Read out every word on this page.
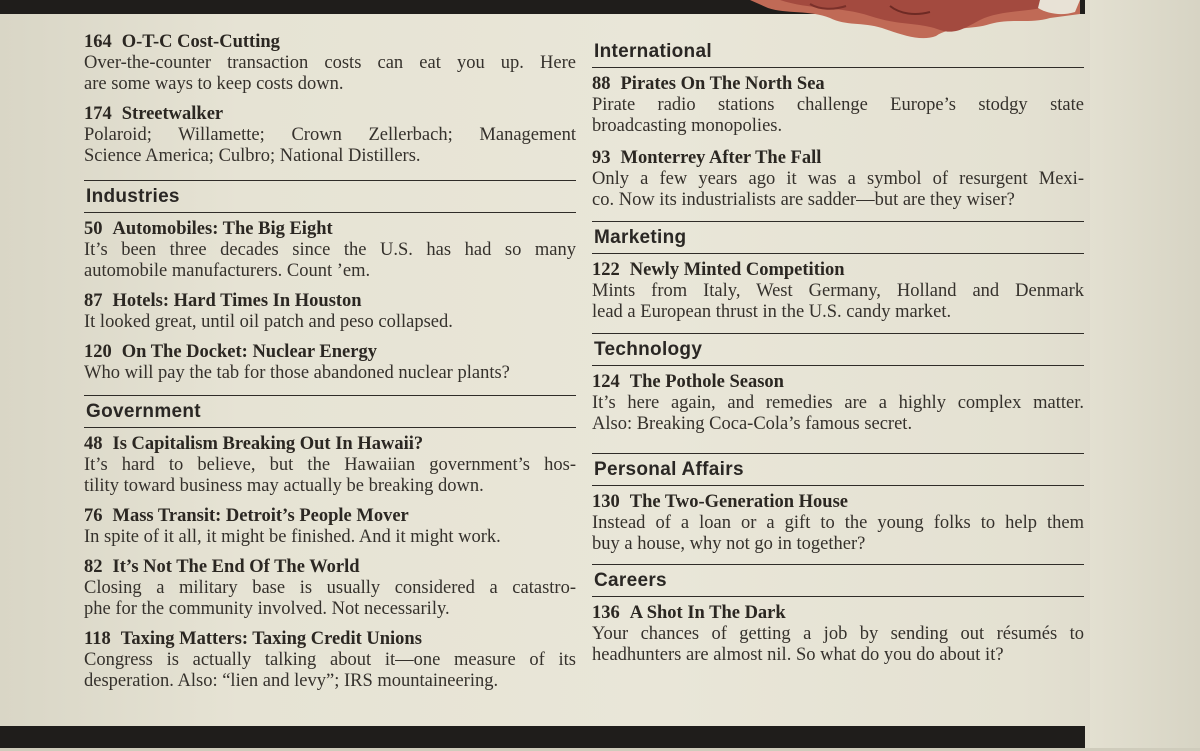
164 O-T-C Cost-Cutting
Over-the-counter transaction costs can eat you up. Here
are some ways to keep costs down.
174 Streetwalker
Polaroid; Willamette; Crown Zellerbach; Management
Science America; Culbro; National Distillers.
Industries
50 Automobiles: The Big Eight
It’s been three decades since the U.S. has had so many
automobile manufacturers. Count ’em.
87 Hotels: Hard Times In Houston
It looked great, until oil patch and peso collapsed.
120 On The Docket: Nuclear Energy
Who will pay the tab for those abandoned nuclear plants?
Government
48 Is Capitalism Breaking Out In Hawaii?
It’s hard to believe, but the Hawaiian government’s hos-
tility toward business may actually be breaking down.
76 Mass Transit: Detroit’s People Mover
In spite of it all, it might be finished. And it might work.
82 It’s Not The End Of The World
Closing a military base is usually considered a catastro-
phe for the community involved. Not necessarily.
118 Taxing Matters: Taxing Credit Unions
Congress is actually talking about it—one measure of its
desperation. Also: “lien and levy”; IRS mountaineering.
International
88 Pirates On The North Sea
Pirate radio stations challenge Europe’s stodgy state
broadcasting monopolies.
93 Monterrey After The Fall
Only a few years ago it was a symbol of resurgent Mexi-
co. Now its industrialists are sadder—but are they wiser?
Marketing
122 Newly Minted Competition
Mints from Italy, West Germany, Holland and Denmark
lead a European thrust in the U.S. candy market.
Technology
124 The Pothole Season
It’s here again, and remedies are a highly complex matter.
Also: Breaking Coca-Cola’s famous secret.
Personal Affairs
130 The Two-Generation House
Instead of a loan or a gift to the young folks to help them
buy a house, why not go in together?
Careers
136 A Shot In The Dark
Your chances of getting a job by sending out résumés to
headhunters are almost nil. So what do you do about it?
